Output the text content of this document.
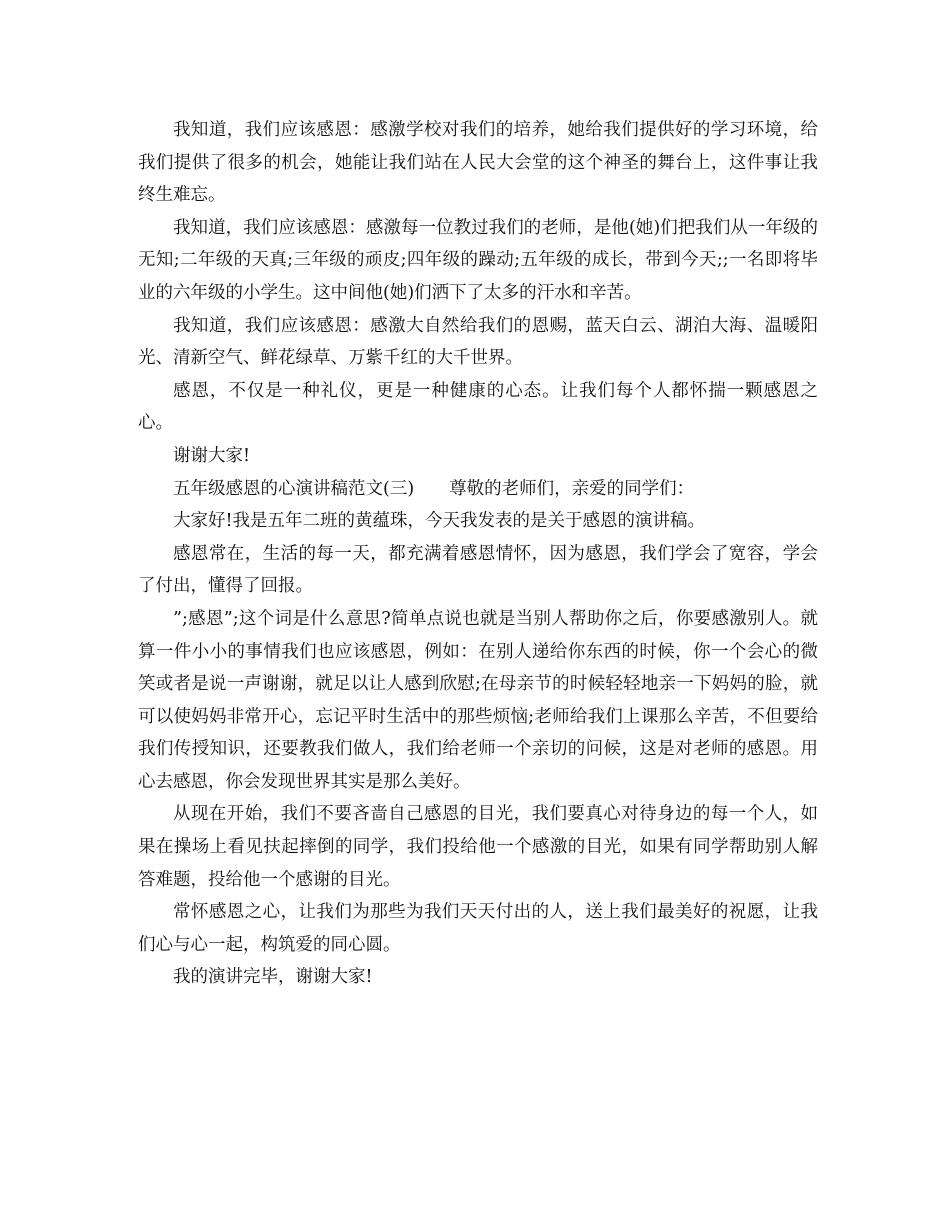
我知道，我们应该感恩：感激学校对我们的培养，她给我们提供好的学习环境，给我们提供了很多的机会，她能让我们站在人民大会堂的这个神圣的舞台上，这件事让我终生难忘。

我知道，我们应该感恩：感激每一位教过我们的老师，是他(她)们把我们从一年级的无知;二年级的天真;三年级的顽皮;四年级的躁动;五年级的成长，带到今天;;一名即将毕业的六年级的小学生。这中间他(她)们洒下了太多的汗水和辛苦。

我知道，我们应该感恩：感激大自然给我们的恩赐，蓝天白云、湖泊大海、温暖阳光、清新空气、鲜花绿草、万紫千红的大千世界。

感恩，不仅是一种礼仪，更是一种健康的心态。让我们每个人都怀揣一颗感恩之心。

谢谢大家!

五年级感恩的心演讲稿范文(三)　　尊敬的老师们，亲爱的同学们：

大家好!我是五年二班的黄蕴珠，今天我发表的是关于感恩的演讲稿。

感恩常在，生活的每一天，都充满着感恩情怀，因为感恩，我们学会了宽容，学会了付出，懂得了回报。

”;感恩”;这个词是什么意思?简单点说也就是当别人帮助你之后，你要感激别人。就算一件小小的事情我们也应该感恩，例如：在别人递给你东西的时候，你一个会心的微笑或者是说一声谢谢，就足以让人感到欣慰;在母亲节的时候轻轻地亲一下妈妈的脸，就可以使妈妈非常开心，忘记平时生活中的那些烦恼;老师给我们上课那么辛苦，不但要给我们传授知识，还要教我们做人，我们给老师一个亲切的问候，这是对老师的感恩。用心去感恩，你会发现世界其实是那么美好。

从现在开始，我们不要吝啬自己感恩的目光，我们要真心对待身边的每一个人，如果在操场上看见扶起摔倒的同学，我们投给他一个感激的目光，如果有同学帮助别人解答难题，投给他一个感谢的目光。

常怀感恩之心，让我们为那些为我们天天付出的人，送上我们最美好的祝愿，让我们心与心一起，构筑爱的同心圆。

我的演讲完毕，谢谢大家!
